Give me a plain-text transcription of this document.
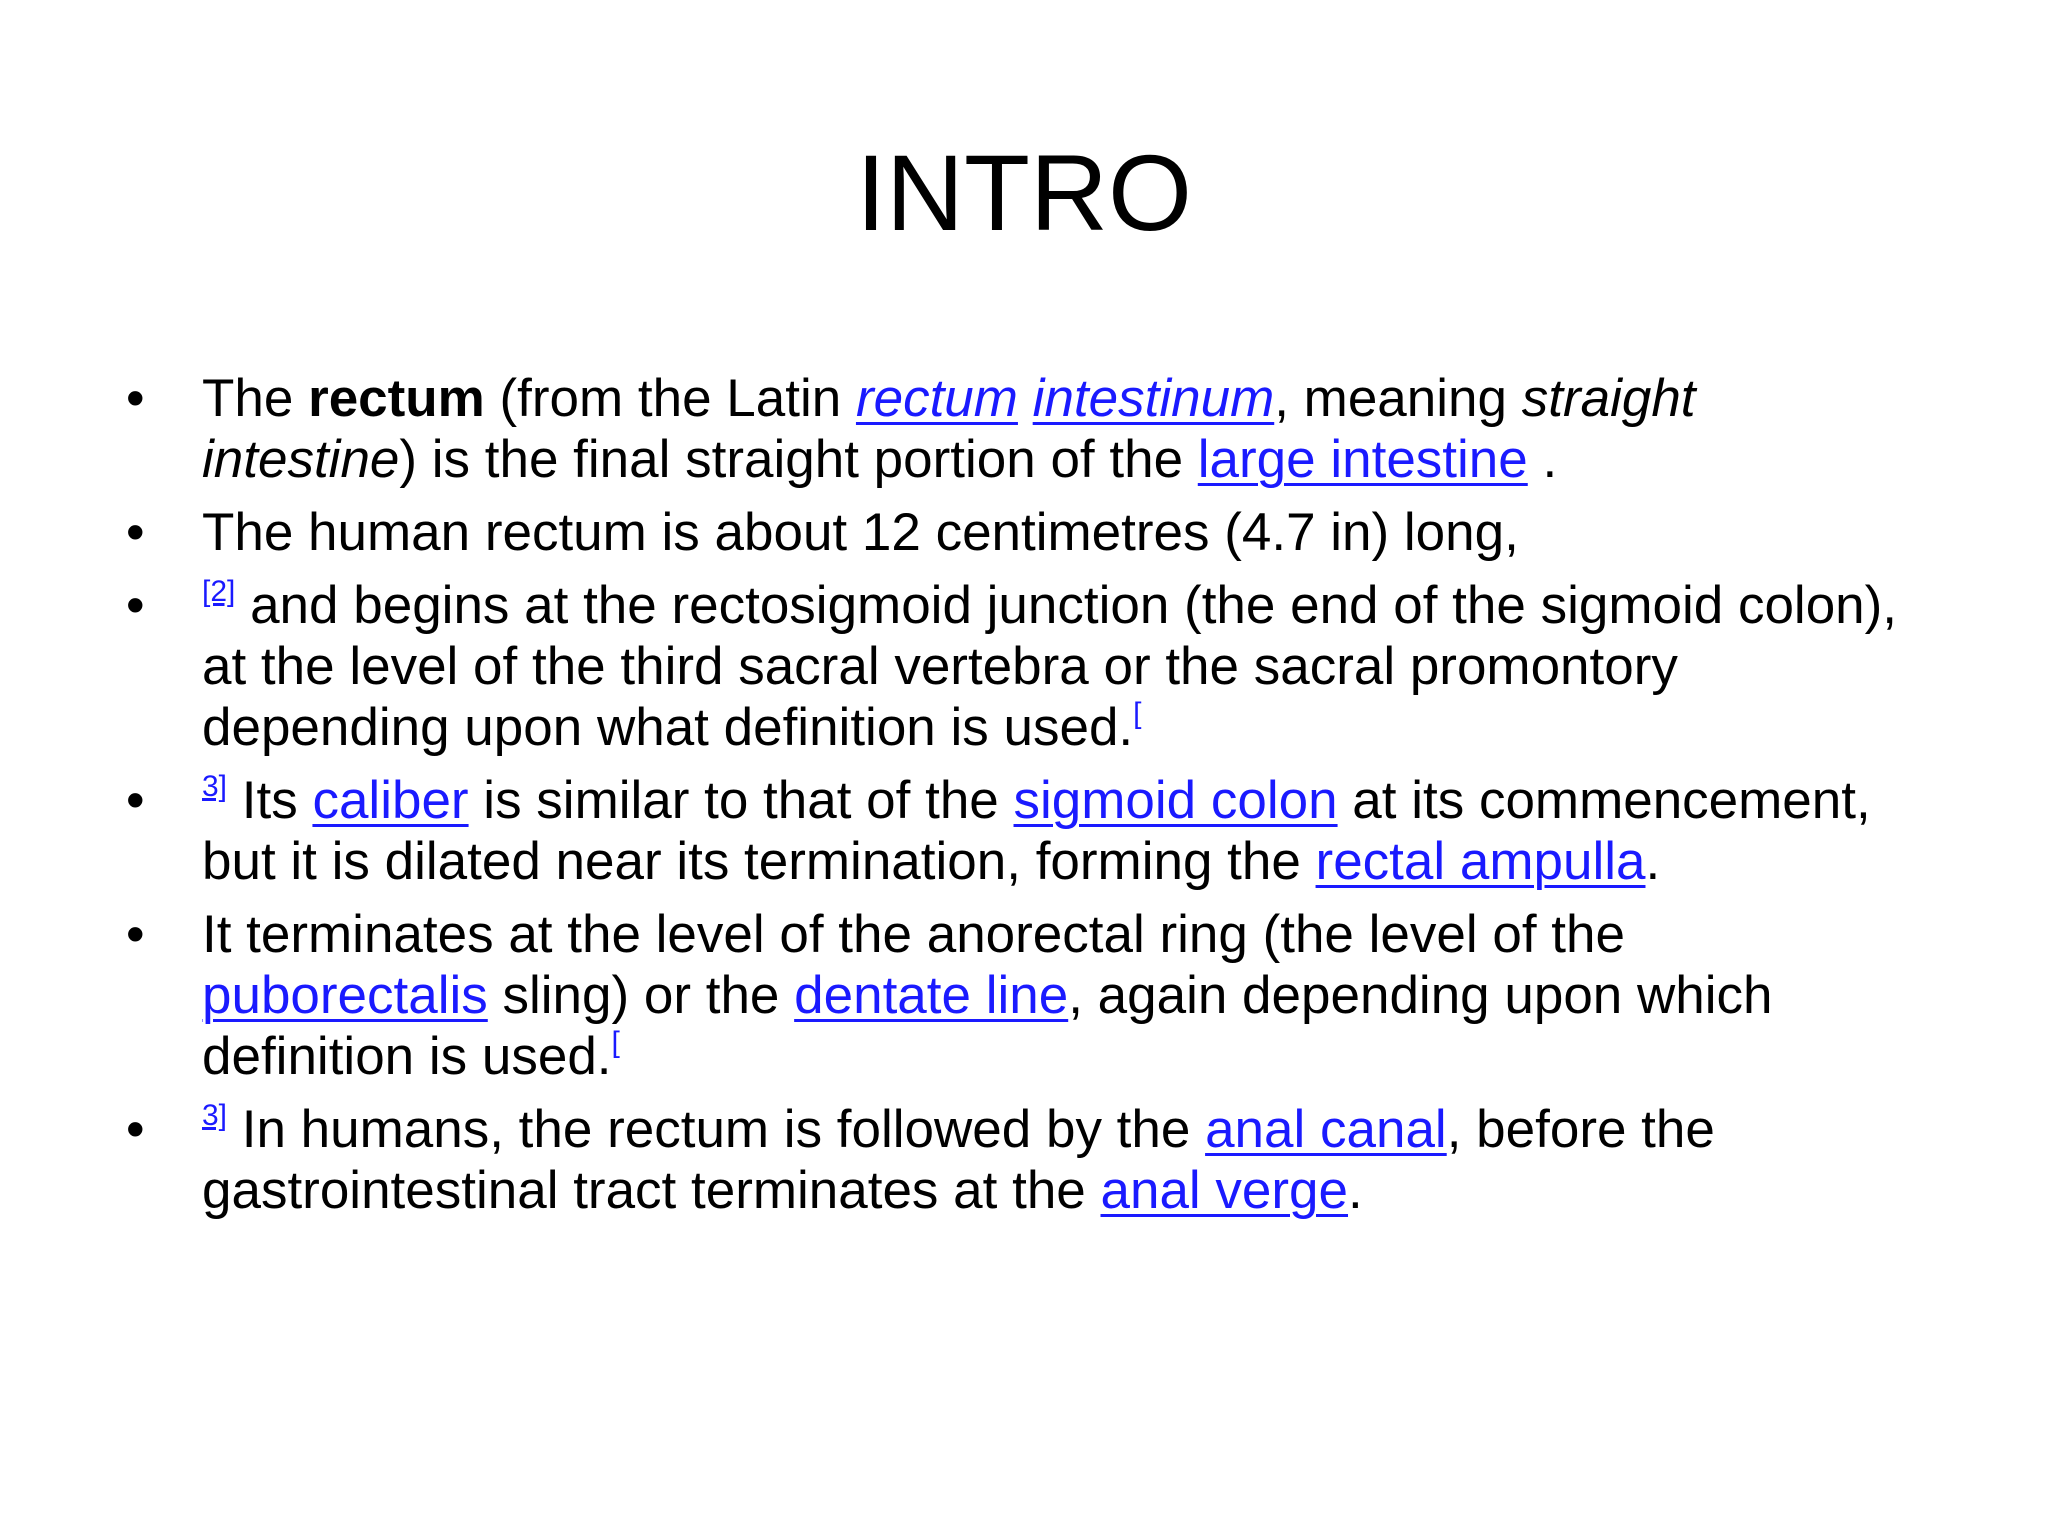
INTRO
• The rectum (from the Latin rectum intestinum, meaning straight intestine) is the final straight portion of the large intestine .
• The human rectum is about 12 centimetres (4.7 in) long,
• [2] and begins at the rectosigmoid junction (the end of the sigmoid colon), at the level of the third sacral vertebra or the sacral promontory depending upon what definition is used.[
• $^{3]}$ Its caliber is similar to that of the sigmoid colon at its commencement, but it is dilated near its termination, forming the rectal ampulla.
• It terminates at the level of the anorectal ring (the level of the puborectalis sling) or the dentate line, again depending upon which definition is used.[
• $^{3]}$ In humans, the rectum is followed by the anal canal, before the gastrointestinal tract terminates at the anal verge.
